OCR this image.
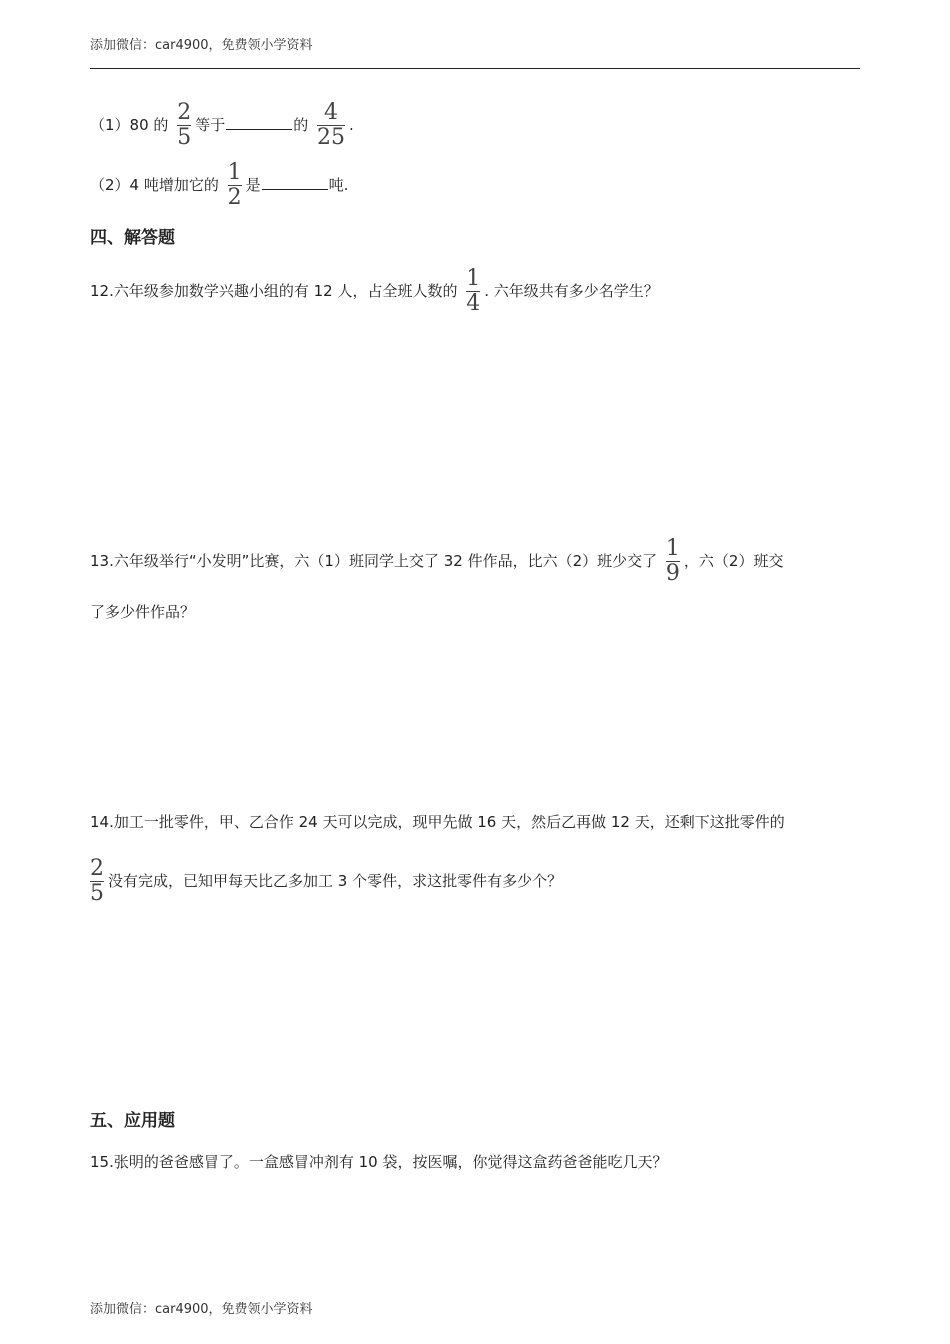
添加微信：car4900，免费领小学资料
（1）80 的 $\frac{2}{5}$ 等于	的 $\frac{4}{25}$ .
（2）4 吨增加它的 $\frac{1}{2}$ 是	吨.
四、解答题
12.六年级参加数学兴趣小组的有 12 人，占全班人数的 $\frac{1}{4}$ . 六年级共有多少名学生？
13.六年级举行“小发明”比赛，六（1）班同学上交了 32 件作品，比六（2）班少交了 $\frac{1}{9}$ ，六（2）班交
了多少件作品？
14.加工一批零件，甲、乙合作 24 天可以完成，现甲先做 16 天，然后乙再做 12 天，还剩下这批零件的
$\frac{2}{5}$ 没有完成，已知甲每天比乙多加工 3 个零件，求这批零件有多少个？
五、应用题
15.张明的爸爸感冒了。一盒感冒冲剂有 10 袋，按医嘱，你觉得这盒药爸爸能吃几天？
添加微信：car4900，免费领小学资料
